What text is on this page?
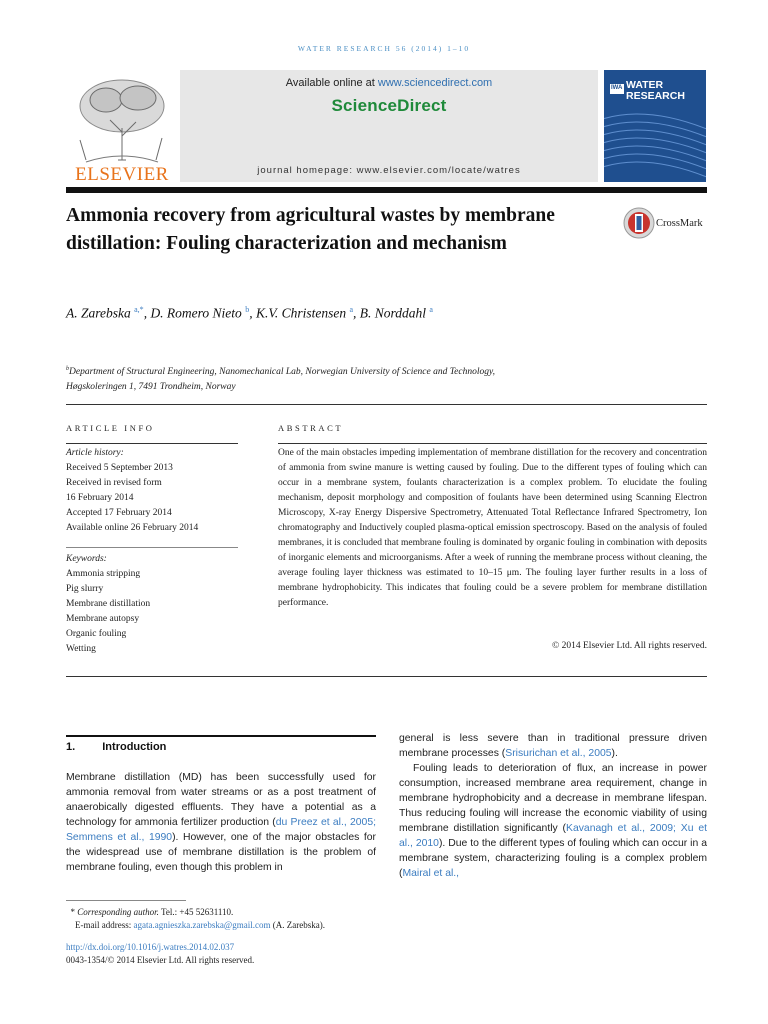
WATER RESEARCH 56 (2014) 1–10
ELSEVIER
Available online at www.sciencedirect.com
ScienceDirect
journal homepage: www.elsevier.com/locate/watres
IWA WATER
RESEARCH
Ammonia recovery from agricultural wastes by membrane distillation: Fouling characterization and mechanism
CrossMark
A. Zarebska $^{a,*}$, D. Romero Nieto $^b$, K.V. Christensen $^a$, B. Norddahl $^a$
$^b$Department of Structural Engineering, Nanomechanical Lab, Norwegian University of Science and Technology,
Høgskoleringen 1, 7491 Trondheim, Norway
ARTICLE INFO
Article history:
Received 5 September 2013
Received in revised form
16 February 2014
Accepted 17 February 2014
Available online 26 February 2014
Keywords:
Ammonia stripping
Pig slurry
Membrane distillation
Membrane autopsy
Organic fouling
Wetting
ABSTRACT
One of the main obstacles impeding implementation of membrane distillation for the recovery and concentration of ammonia from swine manure is wetting caused by fouling. Due to the different types of fouling which can occur in a membrane system, foulants characterization is a complex problem. To elucidate the fouling mechanism, deposit morphology and composition of foulants have been determined using Scanning Electron Microscopy, X-ray Energy Dispersive Spectrometry, Attenuated Total Reflectance Infrared Spectrometry, Ion chromatography and Inductively coupled plasma-optical emission spectroscopy. Based on the analysis of fouled membranes, it is concluded that membrane fouling is dominated by organic fouling in combination with deposits of inorganic elements and microorganisms. After a week of running the membrane process without cleaning, the average fouling layer thickness was estimated to 10–15 μm. The fouling layer further results in a loss of membrane hydrophobicity. This indicates that fouling could be a severe problem for membrane distillation performance.
© 2014 Elsevier Ltd. All rights reserved.
1. Introduction
Membrane distillation (MD) has been successfully used for ammonia removal from water streams or as a post treatment of anaerobically digested effluents. They have a potential as a technology for ammonia fertilizer production (du Preez et al., 2005; Semmens et al., 1990). However, one of the major obstacles for the widespread use of membrane distillation is the problem of membrane fouling, even though this problem in
general is less severe than in traditional pressure driven membrane processes (Srisurichan et al., 2005).
Fouling leads to deterioration of flux, an increase in power consumption, increased membrane area requirement, change in membrane hydrophobicity and a decrease in membrane lifespan. Thus reducing fouling will increase the economic viability of using membrane distillation significantly (Kavanagh et al., 2009; Xu et al., 2010). Due to the different types of fouling which can occur in a membrane system, characterizing fouling is a complex problem (Mairal et al.,
* Corresponding author. Tel.: +45 52631110.
E-mail address: agata.agnieszka.zarebska@gmail.com (A. Zarebska).
http://dx.doi.org/10.1016/j.watres.2014.02.037
0043-1354/© 2014 Elsevier Ltd. All rights reserved.
